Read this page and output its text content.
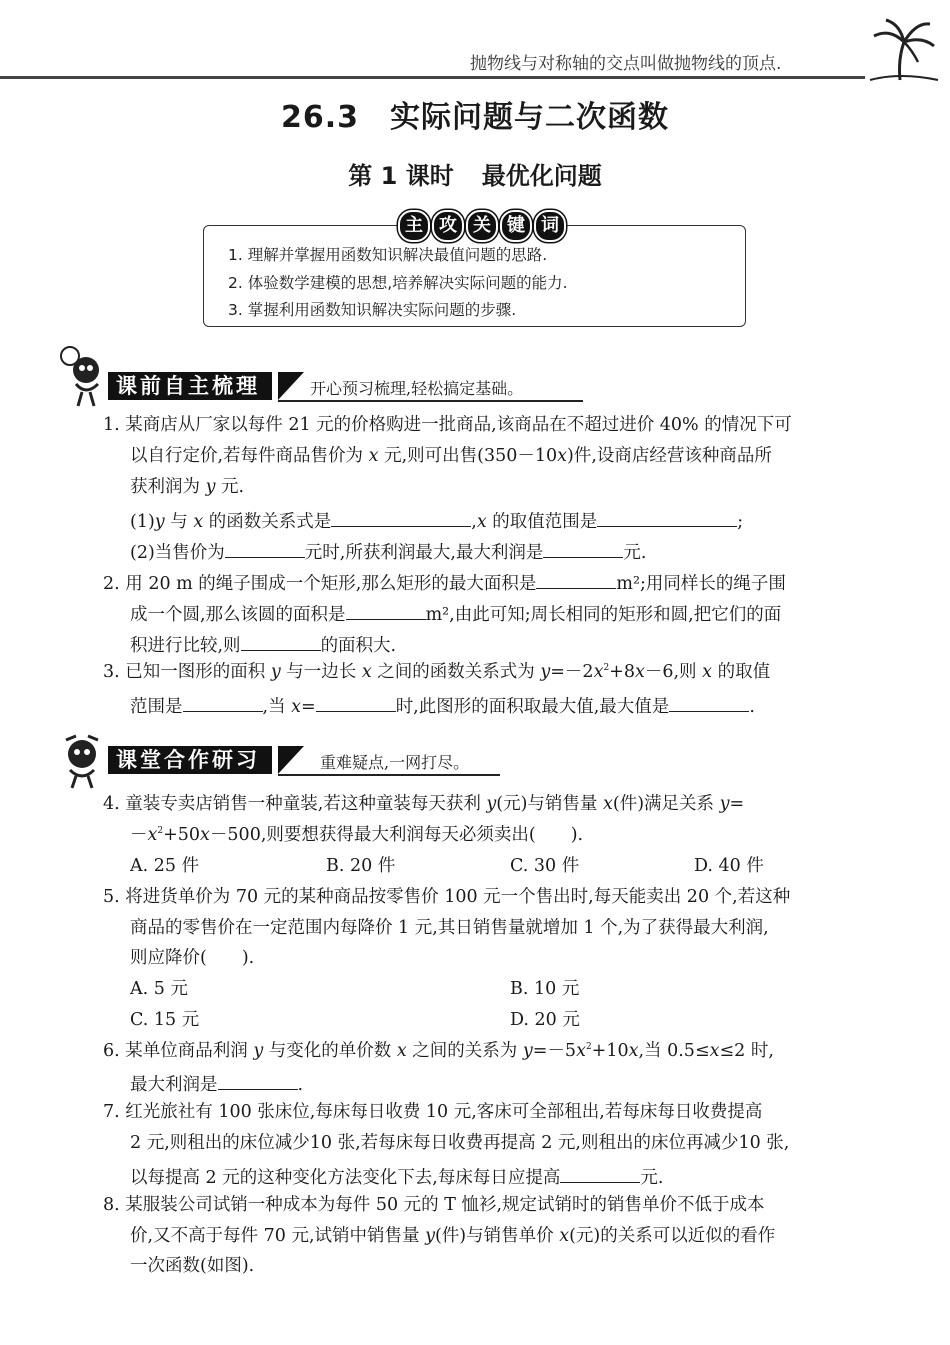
抛物线与对称轴的交点叫做抛物线的顶点.
26.3　实际问题与二次函数
第 1 课时 最优化问题
主 攻 关 键 词
1. 理解并掌握用函数知识解决最值问题的思路.
2. 体验数学建模的思想,培养解决实际问题的能力.
3. 掌握利用函数知识解决实际问题的步骤.
课前自主梳理	开心预习梳理,轻松搞定基础。
1. 某商店从厂家以每件 21 元的价格购进一批商品,该商品在不超过进价 40% 的情况下可
以自行定价,若每件商品售价为 x 元,则可出售(350－10x)件,设商店经营该种商品所
获利润为 y 元.
(1)y 与 x 的函数关系式是	,x 的取值范围是	;
(2)当售价为	元时,所获利润最大,最大利润是	元.
2. 用 20 m 的绳子围成一个矩形,那么矩形的最大面积是	m²;用同样长的绳子围
成一个圆,那么该圆的面积是	m²,由此可知;周长相同的矩形和圆,把它们的面
积进行比较,则	的面积大.
3. 已知一图形的面积 y 与一边长 x 之间的函数关系式为 $y=-2x^2+8x-6$,则 x 的取值
范围是	,当 x=	时,此图形的面积取最大值,最大值是	.
课堂合作研习	重难疑点,一网打尽。
4. 童装专卖店销售一种童装,若这种童装每天获利 y(元)与销售量 x(件)满足关系 y=
$-x^2+50x-500$,则要想获得最大利润每天必须卖出(　　).
A. 25 件	B. 20 件	C. 30 件	D. 40 件
5. 将进货单价为 70 元的某种商品按零售价 100 元一个售出时,每天能卖出 20 个,若这种
商品的零售价在一定范围内每降价 1 元,其日销售量就增加 1 个,为了获得最大利润,
则应降价(　　).
A. 5 元	B. 10 元
C. 15 元	D. 20 元
6. 某单位商品利润 y 与变化的单价数 x 之间的关系为 $y=-5x^2+10x$,当 0.5≤x≤2 时,
最大利润是	.
7. 红光旅社有 100 张床位,每床每日收费 10 元,客床可全部租出,若每床每日收费提高
2 元,则租出的床位减少10 张,若每床每日收费再提高 2 元,则租出的床位再减少10 张,
以每提高 2 元的这种变化方法变化下去,每床每日应提高	元.
8. 某服装公司试销一种成本为每件 50 元的 T 恤衫,规定试销时的销售单价不低于成本
价,又不高于每件 70 元,试销中销售量 y(件)与销售单价 x(元)的关系可以近似的看作
一次函数(如图).
